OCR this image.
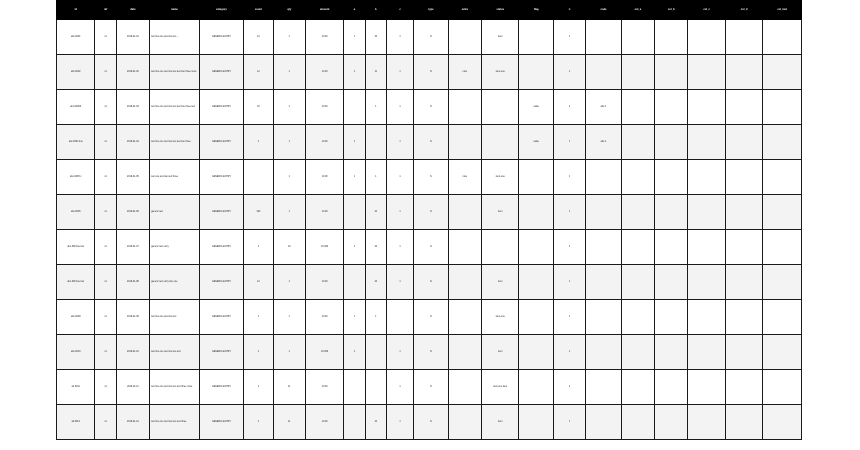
id	ref	date	name	category	count	qty	amount	a	b	c	type	extra	status	flag	n	code	col_a	col_b	col_c	col_d	col_last
abc-0001	x1	2019-01-01	text line one text line two ...	GENERIC-ENTRY	12	1	10.00	1	10	1	N		item		1						
abc-0002	x1	2019-01-02	text line one text line two text line three more	GENERIC-ENTRY	12	1	10.00	1	11	1	N	note	item-one		1						
abc-00003	x1	2019-01-03	text line one text line two text line three text	GENERIC-ENTRY	10	1	10.00		1	1	N			value	1	abc-1					
abc-0004 line	x1	2019-01-04	text line one text line two text line three	GENERIC-ENTRY	1	1	10.00	1		1	N			value	1	abc-1					
abc-0005 x	x1	2019-01-05	text one text two text three	GENERIC-ENTRY		1	10.00	1	1	1	N	note	item-one		1						
abc-0006	x1	2019-01-06	generic text	GENERIC-ENTRY	100	1	10.00		10	1	N		item		1						
abc-000 line two	x1	2019-01-07	generic text entry	GENERIC-ENTRY	1	10	10.000	1	10	1	N				1						
abc-000 line two	x1	2019-01-08	generic text entry line one	GENERIC-ENTRY	12	1	10.00		10	1	N		item		1						
abc-0009	x1	2019-01-09	text line one text line two	GENERIC-ENTRY	1	1	10.00	1	1		N		item-one		1						
abc-0010	x1	2019-01-10	text line one text line two text	GENERIC-ENTRY	1	1	10.000	1		1	N		item		1						
ab 0011	x1	2019-01-11	text line one text line two text three more	GENERIC-ENTRY	1	11	10.00			1	N		item-one item		1						
ab 0012	x1	2019-01-12	text line one text line two text three	GENERIC-ENTRY	1	11	10.00		10	1	N		item		1						
